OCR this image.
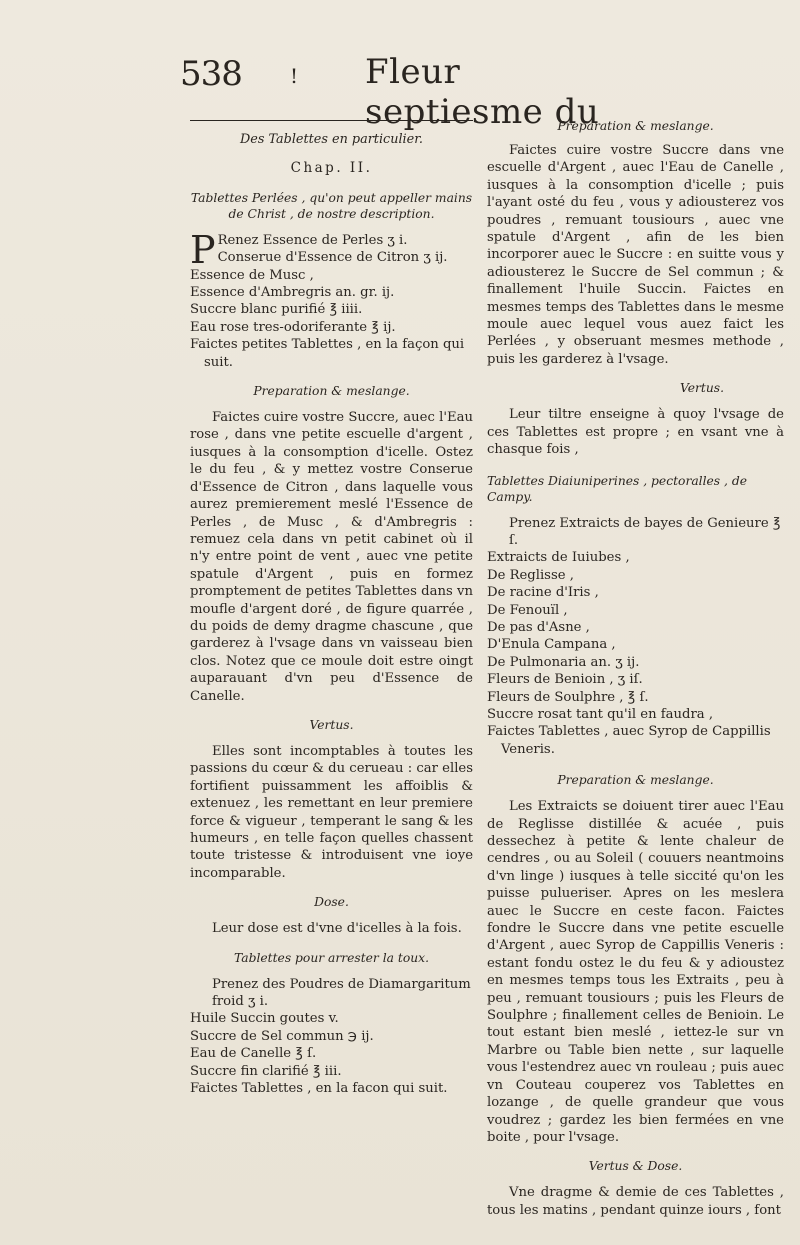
538 ! Fleur septiesme du
Des Tablettes en particulier.
Chap. II.
Tablettes Perlées , qu'on peut appeller mains de Christ , de nostre description.
PRenez Essence de Perles ʒ i.
Conserue d'Essence de Citron ʒ ij.
Essence de Musc ,
Essence d'Ambregris an. gr. ij.
Succre blanc purifié ℥ iiii.
Eau rose tres-odoriferante ℥ ij.
Faictes petites Tablettes , en la façon qui suit.
Preparation & meslange.

Faictes cuire vostre Succre, auec l'Eau rose , dans vne petite escuelle d'argent , iusques à la consomption d'icelle. Ostez le du feu , & y mettez vostre Conserue d'Essence de Citron , dans laquelle vous aurez premierement meslé l'Essence de Perles , de Musc , & d'Ambregris : remuez cela dans vn petit cabinet où il n'y entre point de vent , auec vne petite spatule d'Argent , puis en formez promptement de petites Tablettes dans vn moufle d'argent doré , de figure quarrée , du poids de demy dragme chascune , que garderez à l'vsage dans vn vaisseau bien clos. Notez que ce moule doit estre oingt auparauant d'vn peu d'Essence de Canelle.

Vertus.

Elles sont incomptables à toutes les passions du cœur & du cerueau : car elles fortifient puissamment les affoiblis & extenuez , les remettant en leur premiere force & vigueur , temperant le sang & les humeurs , en telle façon quelles chassent toute tristesse & introduisent vne ioye incomparable.

Dose.

Leur dose est d'vne d'icelles à la fois.

Tablettes pour arrester la toux.
Prenez des Poudres de Diamargaritum froid ʒ i.
Huile Succin goutes v.
Succre de Sel commun ℈ ij.
Eau de Canelle ℥ ſ.
Succre fin clarifié ℥ iii.
Faictes Tablettes , en la facon qui suit.
Preparation & meslange.

Faictes cuire vostre Succre dans vne escuelle d'Argent , auec l'Eau de Canelle , iusques à la consomption d'icelle ; puis l'ayant osté du feu , vous y adiousterez vos poudres , remuant tousiours , auec vne spatule d'Argent , afin de les bien incorporer auec le Succre : en suitte vous y adiousterez le Succre de Sel commun ; & finallement l'huile Succin. Faictes en mesmes temps des Tablettes dans le mesme moule auec lequel vous auez faict les Perlées , y obseruant mesmes methode , puis les garderez à l'vsage.

Vertus.

Leur tiltre enseigne à quoy l'vsage de ces Tablettes est propre ; en vsant vne à chasque fois ,

Tablettes Diaiuniperines , pectoralles , de Campy.
Prenez Extraicts de bayes de Genieure ℥ ſ.
Extraicts de Iuiubes ,
De Reglisse ,
De racine d'Iris ,
De Fenouïl ,
De pas d'Asne ,
D'Enula Campana ,
De Pulmonaria an. ʒ ij.
Fleurs de Benioin , ʒ iſ.
Fleurs de Soulphre , ℥ ſ.
Succre rosat tant qu'il en faudra ,
Faictes Tablettes , auec Syrop de Cappillis Veneris.
Preparation & meslange.

Les Extraicts se doiuent tirer auec l'Eau de Reglisse distillée & acuée , puis dessechez à petite & lente chaleur de cendres , ou au Soleil ( couuers neantmoins d'vn linge ) iusques à telle siccité qu'on les puisse pulueriser. Apres on les meslera auec le Succre en ceste facon. Faictes fondre le Succre dans vne petite escuelle d'Argent , auec Syrop de Cappillis Veneris : estant fondu ostez le du feu & y adioustez en mesmes temps tous les Extraits , peu à peu , remuant tousiours ; puis les Fleurs de Soulphre ; finallement celles de Benioin. Le tout estant bien meslé , iettez-le sur vn Marbre ou Table bien nette , sur laquelle vous l'estendrez auec vn rouleau ; puis auec vn Couteau couperez vos Tablettes en lozange , de quelle grandeur que vous voudrez ; gardez les bien fermées en vne boite , pour l'vsage.

Vertus & Dose.

Vne dragme & demie de ces Tablettes , tous les matins , pendant quinze iours , font
